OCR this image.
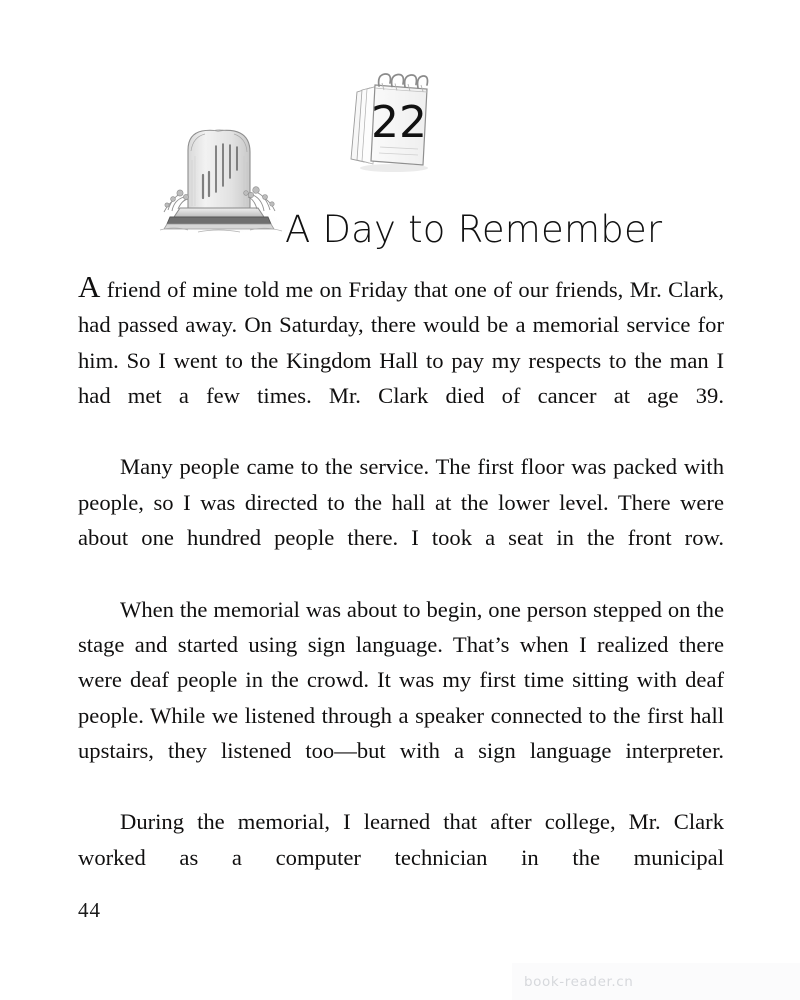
22
A Day to Remember

A friend of mine told me on Friday that one of our friends, Mr. Clark, had passed away. On Saturday, there would be a memorial service for him. So I went to the Kingdom Hall to pay my respects to the man I had met a few times. Mr. Clark died of cancer at age 39.

Many people came to the service. The first floor was packed with people, so I was directed to the hall at the lower level. There were about one hundred people there. I took a seat in the front row.

When the memorial was about to begin, one person stepped on the stage and started using sign language. That’s when I realized there were deaf people in the crowd. It was my first time sitting with deaf people. While we listened through a speaker connected to the first hall upstairs, they listened too—but with a sign language interpreter.

During the memorial, I learned that after college, Mr. Clark worked as a computer technician in the municipal

44
book-reader.cn
